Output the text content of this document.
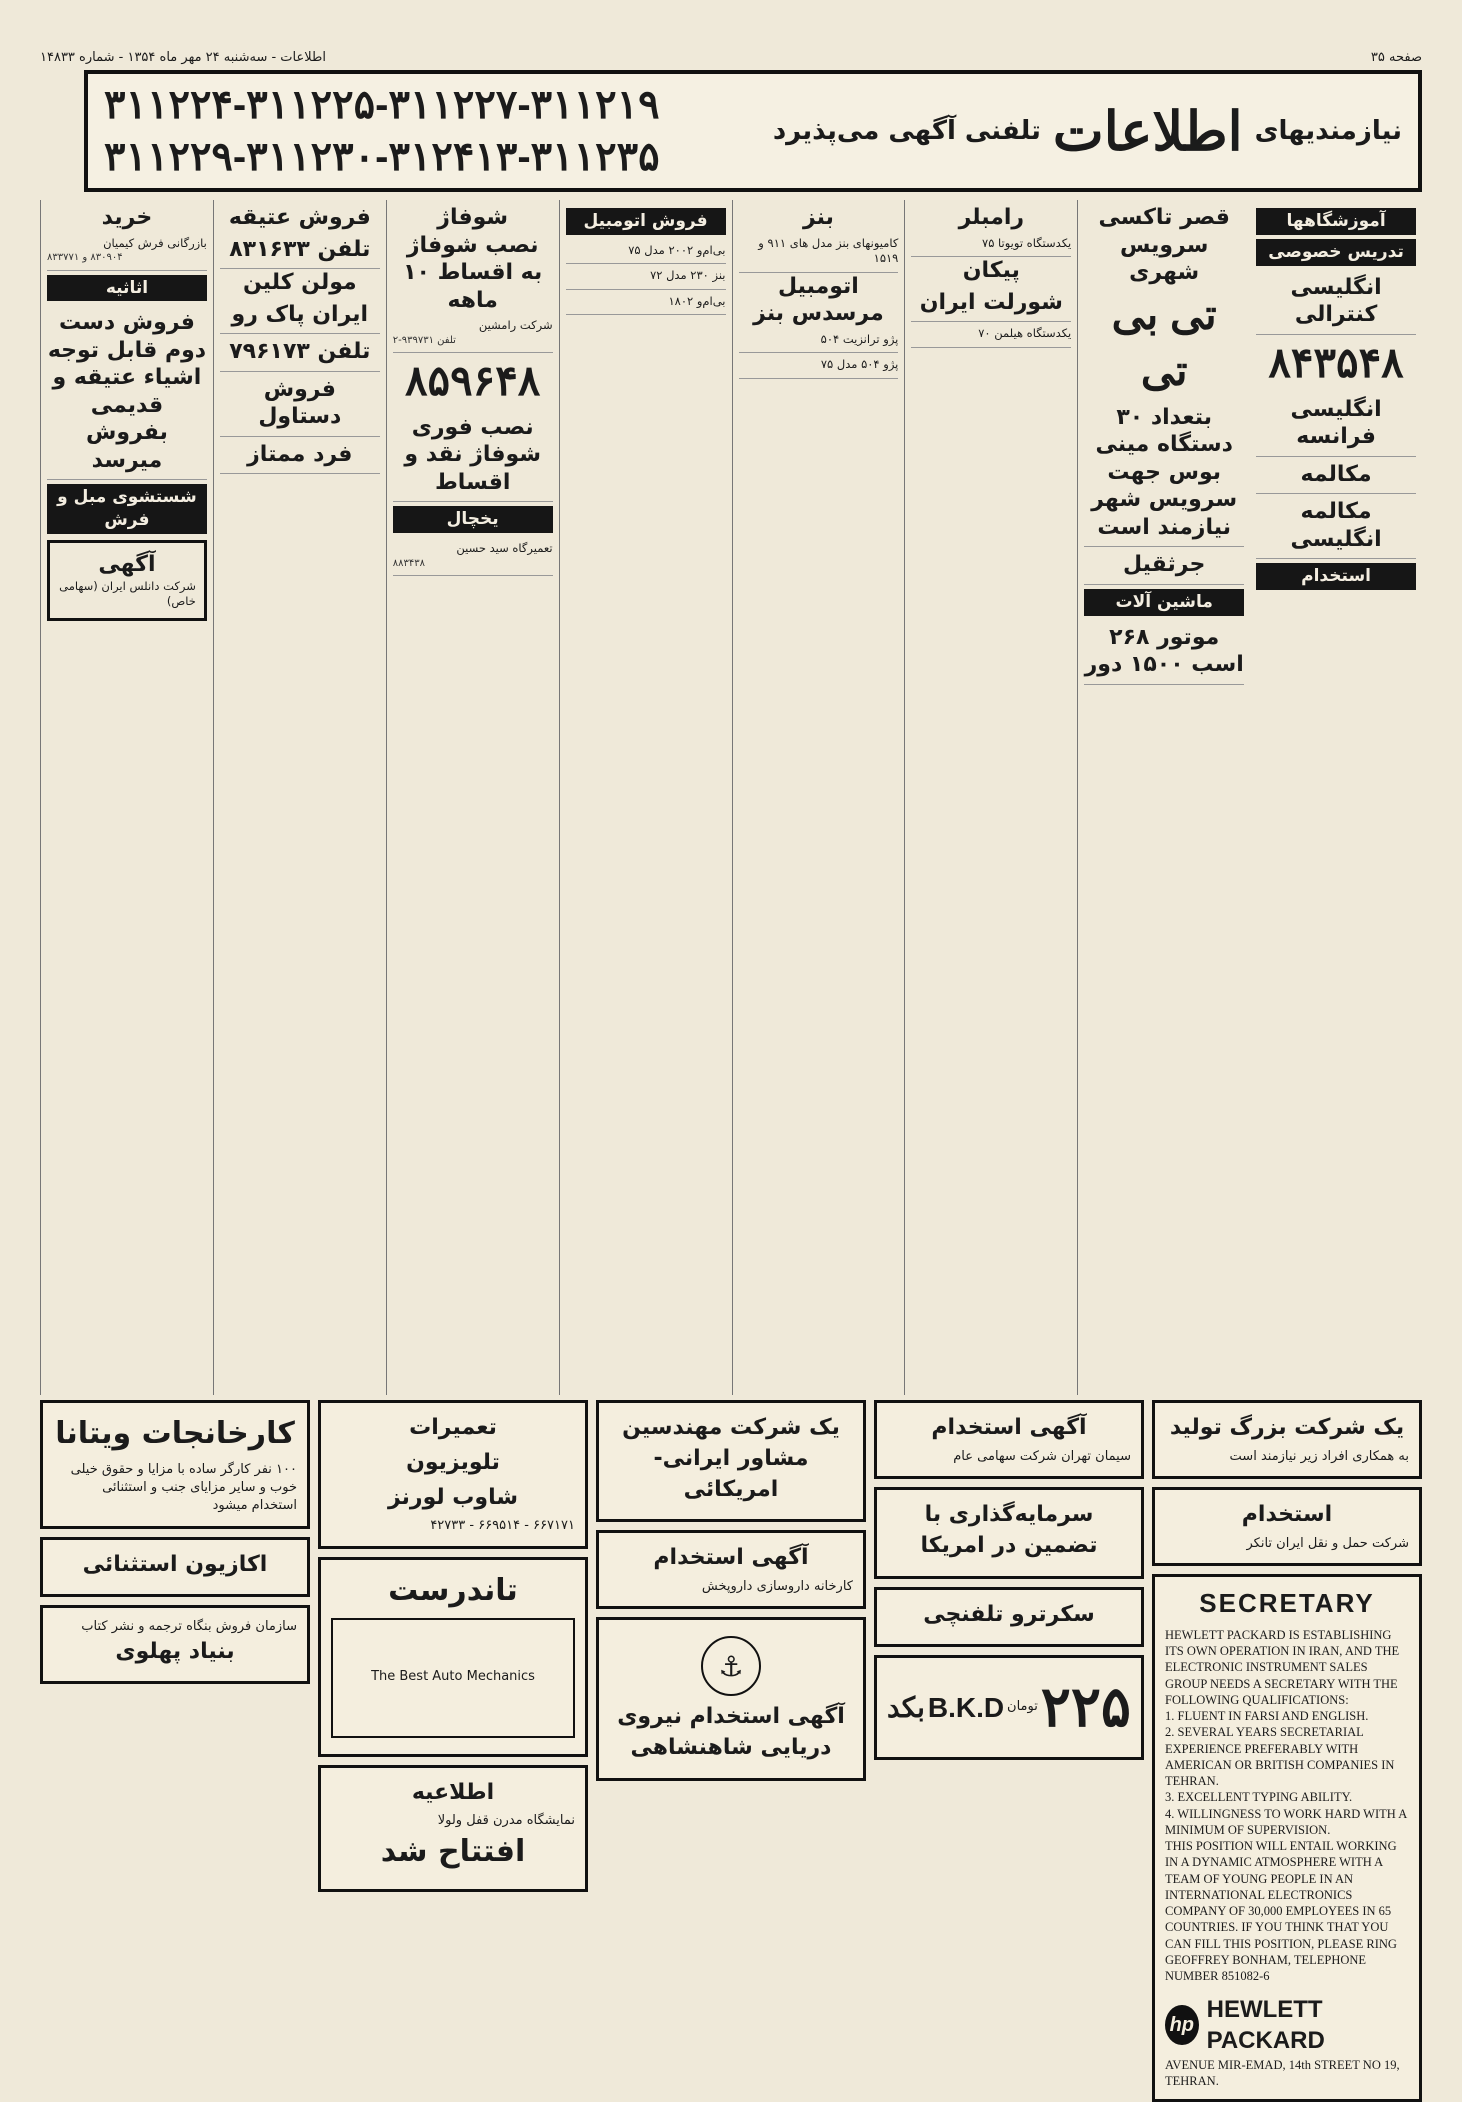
صفحه ۳۵
اطلاعات - سه‌شنبه ۲۴ مهر ماه ۱۳۵۴ - شماره ۱۴۸۳۳
نیازمندیهای
اطلاعات
تلفنی آگهی می‌پذیرد
۳۱۱۲۲۴-۳۱۱۲۲۵-۳۱۱۲۲۷-۳۱۱۲۱۹
۳۱۱۲۲۹-۳۱۱۲۳۰-۳۱۲۴۱۳-۳۱۱۲۳۵
خرید
بازرگانی فرش کیمیان
۸۳۰۹۰۴ و ۸۳۳۷۷۱
اثاثیه
فروش دست دوم قابل توجه اشیاء عتیقه و قدیمی بفروش میرسد
شستشوی مبل و فرش
آگهی
شرکت دانلس ایران (سهامی خاص)
فروش عتیقه
تلفن ۸۳۱۶۳۳
مولن کلین
ایران پاک رو
تلفن ۷۹۶۱۷۳
فروش دستاول
فرد ممتاز
شوفاژ
نصب شوفاژ به اقساط ۱۰ ماهه
شرکت رامشین
تلفن ۹۳۹۷۳۱-۲
۸۵۹۶۴۸
نصب فوری شوفاژ نقد و اقساط
یخچال
تعمیرگاه سید حسین
۸۸۳۴۳۸
فروش اتومبیل
بی‌ام‌و ۲۰۰۲ مدل ۷۵
بنز ۲۳۰ مدل ۷۲
بی‌ام‌و ۱۸۰۲
بنز
کامیونهای بنز مدل های ۹۱۱ و ۱۵۱۹
اتومبیل مرسدس بنز
پژو ترانزیت ۵۰۴
پژو ۵۰۴ مدل ۷۵
رامبلر
یکدستگاه تویوتا ۷۵
پیکان
شورلت ایران
یکدستگاه هیلمن ۷۰
قصر تاکسی
سرویس شهری
تی بی تی
بتعداد ۳۰ دستگاه مینی بوس جهت سرویس شهر نیازمند است
جرثقیل
ماشین آلات
موتور ۲۶۸ اسب ۱۵۰۰ دور
آموزشگاهها
تدریس خصوصی
انگلیسی کنترالی
۸۴۳۵۴۸
انگلیسی فرانسه
مکالمه
مکالمه انگلیسی
استخدام
کارخانجات ویتانا
۱۰۰ نفر کارگر ساده با مزایا و حقوق خیلی خوب و سایر مزایای جنب و استثنائی استخدام میشود
اکازیون استثنائی
سازمان فروش بنگاه ترجمه و نشر کتاب
بنیاد پهلوی
تعمیرات
تلویزیون
شاوب لورنز
۶۶۷۱۷۱ - ۶۶۹۵۱۴ - ۴۲۷۳۳
تاندرست
The Best Auto Mechanics
اطلاعیه
نمایشگاه مدرن قفل ولولا
افتتاح شد
یک شرکت مهندسین مشاور ایرانی-امریکائی
آگهی استخدام
کارخانه داروسازی داروپخش
⚓
آگهی استخدام نیروی دریایی شاهنشاهی
آگهی استخدام
سیمان تهران شرکت سهامی عام
سرمایه‌گذاری با تضمین در امریکا
سکرترو تلفنچی
۲۲۵
تومان
B.K.D
بکد
یک شرکت بزرگ تولید
به همکاری افراد زیر نیازمند است
استخدام
شرکت حمل و نقل ایران تانکر
SECRETARY
HEWLETT PACKARD IS ESTABLISHING ITS OWN OPERATION IN IRAN, AND THE ELECTRONIC INSTRUMENT SALES GROUP NEEDS A SECRETARY WITH THE FOLLOWING QUALIFICATIONS:
1. FLUENT IN FARSI AND ENGLISH.
2. SEVERAL YEARS SECRETARIAL EXPERIENCE PREFERABLY WITH AMERICAN OR BRITISH COMPANIES IN TEHRAN.
3. EXCELLENT TYPING ABILITY.
4. WILLINGNESS TO WORK HARD WITH A MINIMUM OF SUPERVISION.
THIS POSITION WILL ENTAIL WORKING IN A DYNAMIC ATMOSPHERE WITH A TEAM OF YOUNG PEOPLE IN AN INTERNATIONAL ELECTRONICS COMPANY OF 30,000 EMPLOYEES IN 65 COUNTRIES. IF YOU THINK THAT YOU CAN FILL THIS POSITION, PLEASE RING GEOFFREY BONHAM, TELEPHONE NUMBER 851082-6
hp
HEWLETT PACKARD
AVENUE MIR-EMAD, 14th STREET NO 19, TEHRAN.
